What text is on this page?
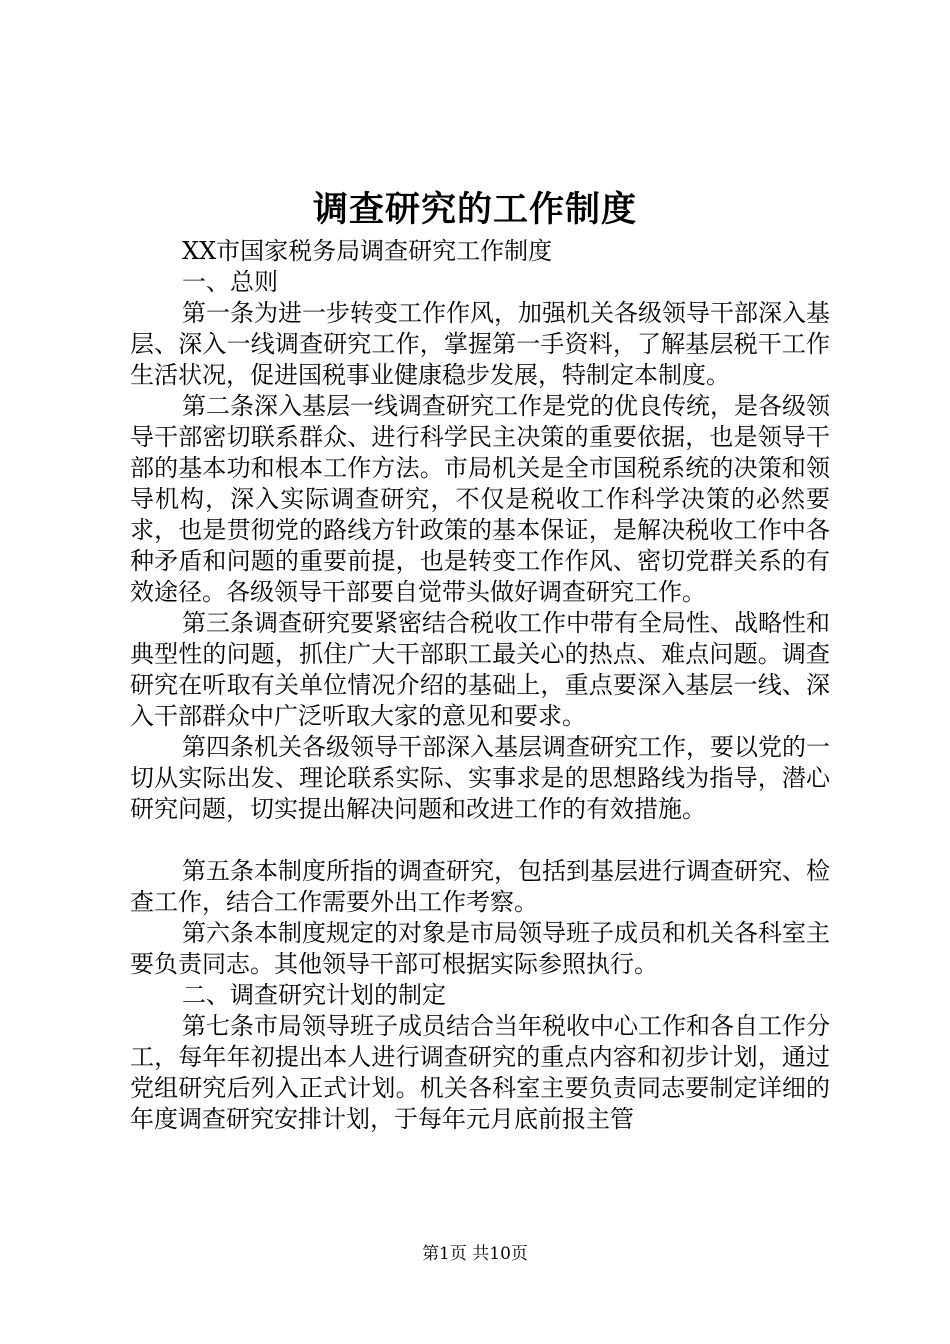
调查研究的工作制度

XX市国家税务局调查研究工作制度

一、总则

第一条为进一步转变工作作风，加强机关各级领导干部深入基层、深入一线调查研究工作，掌握第一手资料，了解基层税干工作生活状况，促进国税事业健康稳步发展，特制定本制度。

第二条深入基层一线调查研究工作是党的优良传统，是各级领导干部密切联系群众、进行科学民主决策的重要依据，也是领导干部的基本功和根本工作方法。市局机关是全市国税系统的决策和领导机构，深入实际调查研究，不仅是税收工作科学决策的必然要求，也是贯彻党的路线方针政策的基本保证，是解决税收工作中各种矛盾和问题的重要前提，也是转变工作作风、密切党群关系的有效途径。各级领导干部要自觉带头做好调查研究工作。

第三条调查研究要紧密结合税收工作中带有全局性、战略性和典型性的问题，抓住广大干部职工最关心的热点、难点问题。调查研究在听取有关单位情况介绍的基础上，重点要深入基层一线、深入干部群众中广泛听取大家的意见和要求。

第四条机关各级领导干部深入基层调查研究工作，要以党的一切从实际出发、理论联系实际、实事求是的思想路线为指导，潜心研究问题，切实提出解决问题和改进工作的有效措施。

第五条本制度所指的调查研究，包括到基层进行调查研究、检查工作，结合工作需要外出工作考察。

第六条本制度规定的对象是市局领导班子成员和机关各科室主要负责同志。其他领导干部可根据实际参照执行。

二、调查研究计划的制定

第七条市局领导班子成员结合当年税收中心工作和各自工作分工，每年年初提出本人进行调查研究的重点内容和初步计划，通过党组研究后列入正式计划。机关各科室主要负责同志要制定详细的年度调查研究安排计划，于每年元月底前报主管

第1页 共10页
